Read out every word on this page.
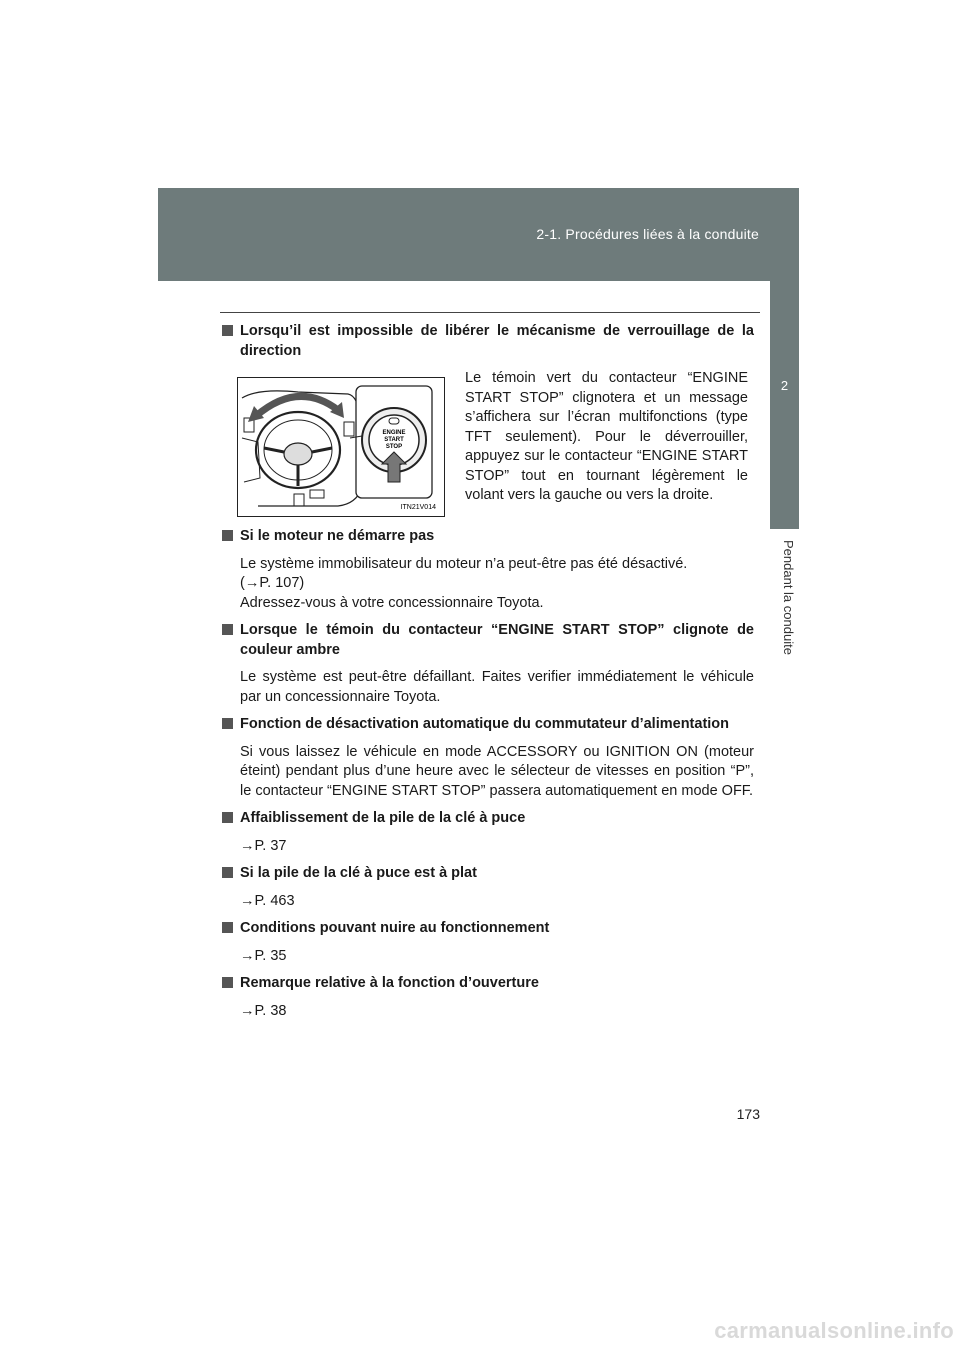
2-1. Procédures liées à la conduite
2
Pendant la conduite
Lorsqu’il est impossible de libérer le mécanisme de verrouillage de la direction
ENGINE
START
STOP
ITN21V014
Le témoin vert du contacteur “ENGINE START STOP” clignotera et un message s’affichera sur l’écran multifonctions (type TFT seulement). Pour le déverrouiller, appuyez sur le contacteur “ENGINE START STOP” tout en tournant légèrement le volant vers la gauche ou vers la droite.
Si le moteur ne démarre pas
Le système immobilisateur du moteur n’a peut-être pas été désactivé.
(→P. 107)
Adressez-vous à votre concessionnaire Toyota.
Lorsque le témoin du contacteur “ENGINE START STOP” clignote de couleur ambre
Le système est peut-être défaillant. Faites verifier immédiatement le véhicule par un concessionnaire Toyota.
Fonction de désactivation automatique du commutateur d’alimentation
Si vous laissez le véhicule en mode ACCESSORY ou IGNITION ON (moteur éteint) pendant plus d’une heure avec le sélecteur de vitesses en position “P”, le contacteur “ENGINE START STOP” passera automatiquement en mode OFF.
Affaiblissement de la pile de la clé à puce
→P. 37
Si la pile de la clé à puce est à plat
→P. 463
Conditions pouvant nuire au fonctionnement
→P. 35
Remarque relative à la fonction d’ouverture
→P. 38
173
carmanualsonline.info
